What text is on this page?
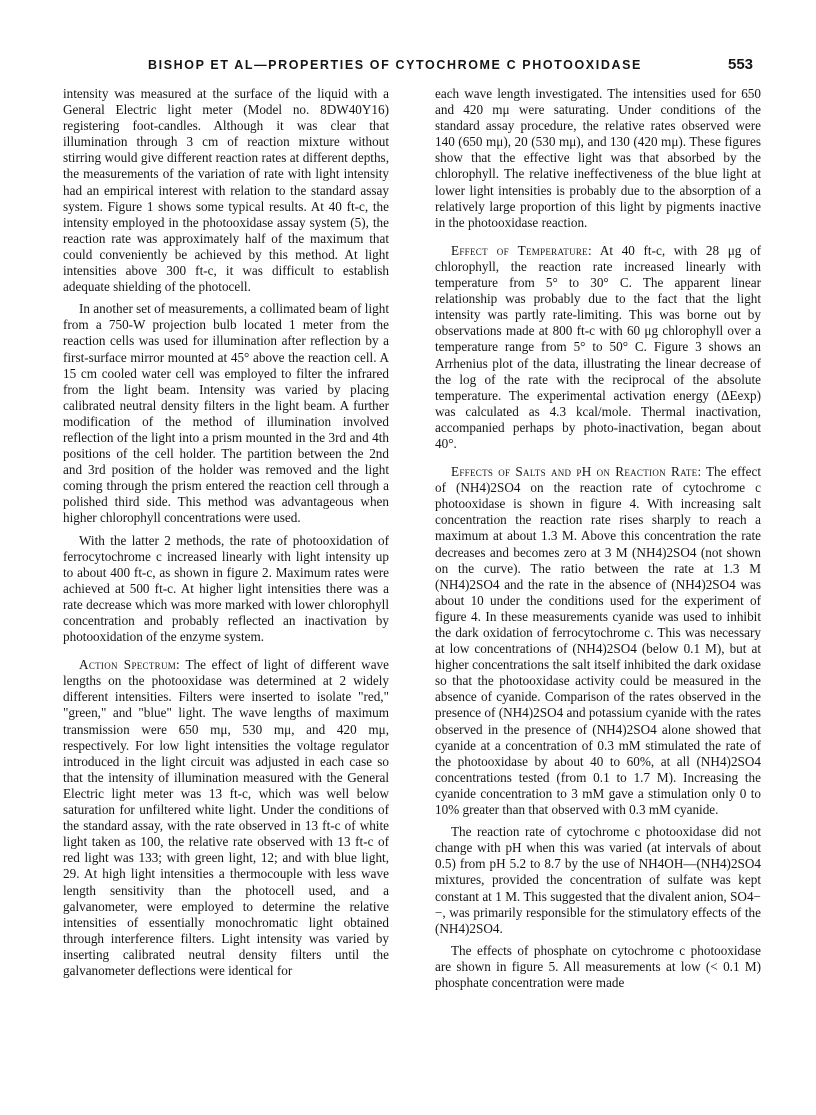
BISHOP ET AL—PROPERTIES OF CYTOCHROME C PHOTOOXIDASE	553

intensity was measured at the surface of the liquid with a General Electric light meter (Model no. 8DW40Y16) registering foot-candles. Although it was clear that illumination through 3 cm of reaction mixture without stirring would give different reaction rates at different depths, the measurements of the variation of rate with light intensity had an empirical interest with relation to the standard assay system. Figure 1 shows some typical results. At 40 ft-c, the intensity employed in the photooxidase assay system (5), the reaction rate was approximately half of the maximum that could conveniently be achieved by this method. At light intensities above 300 ft-c, it was difficult to establish adequate shielding of the photocell.

In another set of measurements, a collimated beam of light from a 750-W projection bulb located 1 meter from the reaction cells was used for illumination after reflection by a first-surface mirror mounted at 45° above the reaction cell. A 15 cm cooled water cell was employed to filter the infrared from the light beam. Intensity was varied by placing calibrated neutral density filters in the light beam. A further modification of the method of illumination involved reflection of the light into a prism mounted in the 3rd and 4th positions of the cell holder. The partition between the 2nd and 3rd position of the holder was removed and the light coming through the prism entered the reaction cell through a polished third side. This method was advantageous when higher chlorophyll concentrations were used.

With the latter 2 methods, the rate of photooxidation of ferrocytochrome c increased linearly with light intensity up to about 400 ft-c, as shown in figure 2. Maximum rates were achieved at 500 ft-c. At higher light intensities there was a rate decrease which was more marked with lower chlorophyll concentration and probably reflected an inactivation by photooxidation of the enzyme system.

Action Spectrum: The effect of light of different wave lengths on the photooxidase was determined at 2 widely different intensities. Filters were inserted to isolate "red," "green," and "blue" light. The wave lengths of maximum transmission were 650 mμ, 530 mμ, and 420 mμ, respectively. For low light intensities the voltage regulator introduced in the light circuit was adjusted in each case so that the intensity of illumination measured with the General Electric light meter was 13 ft-c, which was well below saturation for unfiltered white light. Under the conditions of the standard assay, with the rate observed in 13 ft-c of white light taken as 100, the relative rate observed with 13 ft-c of red light was 133; with green light, 12; and with blue light, 29. At high light intensities a thermocouple with less wave length sensitivity than the photocell used, and a galvanometer, were employed to determine the relative intensities of essentially monochromatic light obtained through interference filters. Light intensity was varied by inserting calibrated neutral density filters until the galvanometer deflections were identical for

each wave length investigated. The intensities used for 650 and 420 mμ were saturating. Under conditions of the standard assay procedure, the relative rates observed were 140 (650 mμ), 20 (530 mμ), and 130 (420 mμ). These figures show that the effective light was that absorbed by the chlorophyll. The relative ineffectiveness of the blue light at lower light intensities is probably due to the absorption of a relatively large proportion of this light by pigments inactive in the photooxidase reaction.

Effect of Temperature: At 40 ft-c, with 28 μg of chlorophyll, the reaction rate increased linearly with temperature from 5° to 30° C. The apparent linear relationship was probably due to the fact that the light intensity was partly rate-limiting. This was borne out by observations made at 800 ft-c with 60 μg chlorophyll over a temperature range from 5° to 50° C. Figure 3 shows an Arrhenius plot of the data, illustrating the linear decrease of the log of the rate with the reciprocal of the absolute temperature. The experimental activation energy (ΔEexp) was calculated as 4.3 kcal/mole. Thermal inactivation, accompanied perhaps by photo-inactivation, began about 40°.

Effects of Salts and pH on Reaction Rate: The effect of (NH4)2SO4 on the reaction rate of cytochrome c photooxidase is shown in figure 4. With increasing salt concentration the reaction rate rises sharply to reach a maximum at about 1.3 M. Above this concentration the rate decreases and becomes zero at 3 M (NH4)2SO4 (not shown on the curve). The ratio between the rate at 1.3 M (NH4)2SO4 and the rate in the absence of (NH4)2SO4 was about 10 under the conditions used for the experiment of figure 4. In these measurements cyanide was used to inhibit the dark oxidation of ferrocytochrome c. This was necessary at low concentrations of (NH4)2SO4 (below 0.1 M), but at higher concentrations the salt itself inhibited the dark oxidase so that the photooxidase activity could be measured in the absence of cyanide. Comparison of the rates observed in the presence of (NH4)2SO4 and potassium cyanide with the rates observed in the presence of (NH4)2SO4 alone showed that cyanide at a concentration of 0.3 mM stimulated the rate of the photooxidase by about 40 to 60%, at all (NH4)2SO4 concentrations tested (from 0.1 to 1.7 M). Increasing the cyanide concentration to 3 mM gave a stimulation only 0 to 10% greater than that observed with 0.3 mM cyanide.

The reaction rate of cytochrome c photooxidase did not change with pH when this was varied (at intervals of about 0.5) from pH 5.2 to 8.7 by the use of NH4OH—(NH4)2SO4 mixtures, provided the concentration of sulfate was kept constant at 1 M. This suggested that the divalent anion, SO4−−, was primarily responsible for the stimulatory effects of the (NH4)2SO4.

The effects of phosphate on cytochrome c photooxidase are shown in figure 5. All measurements at low (< 0.1 M) phosphate concentration were made
